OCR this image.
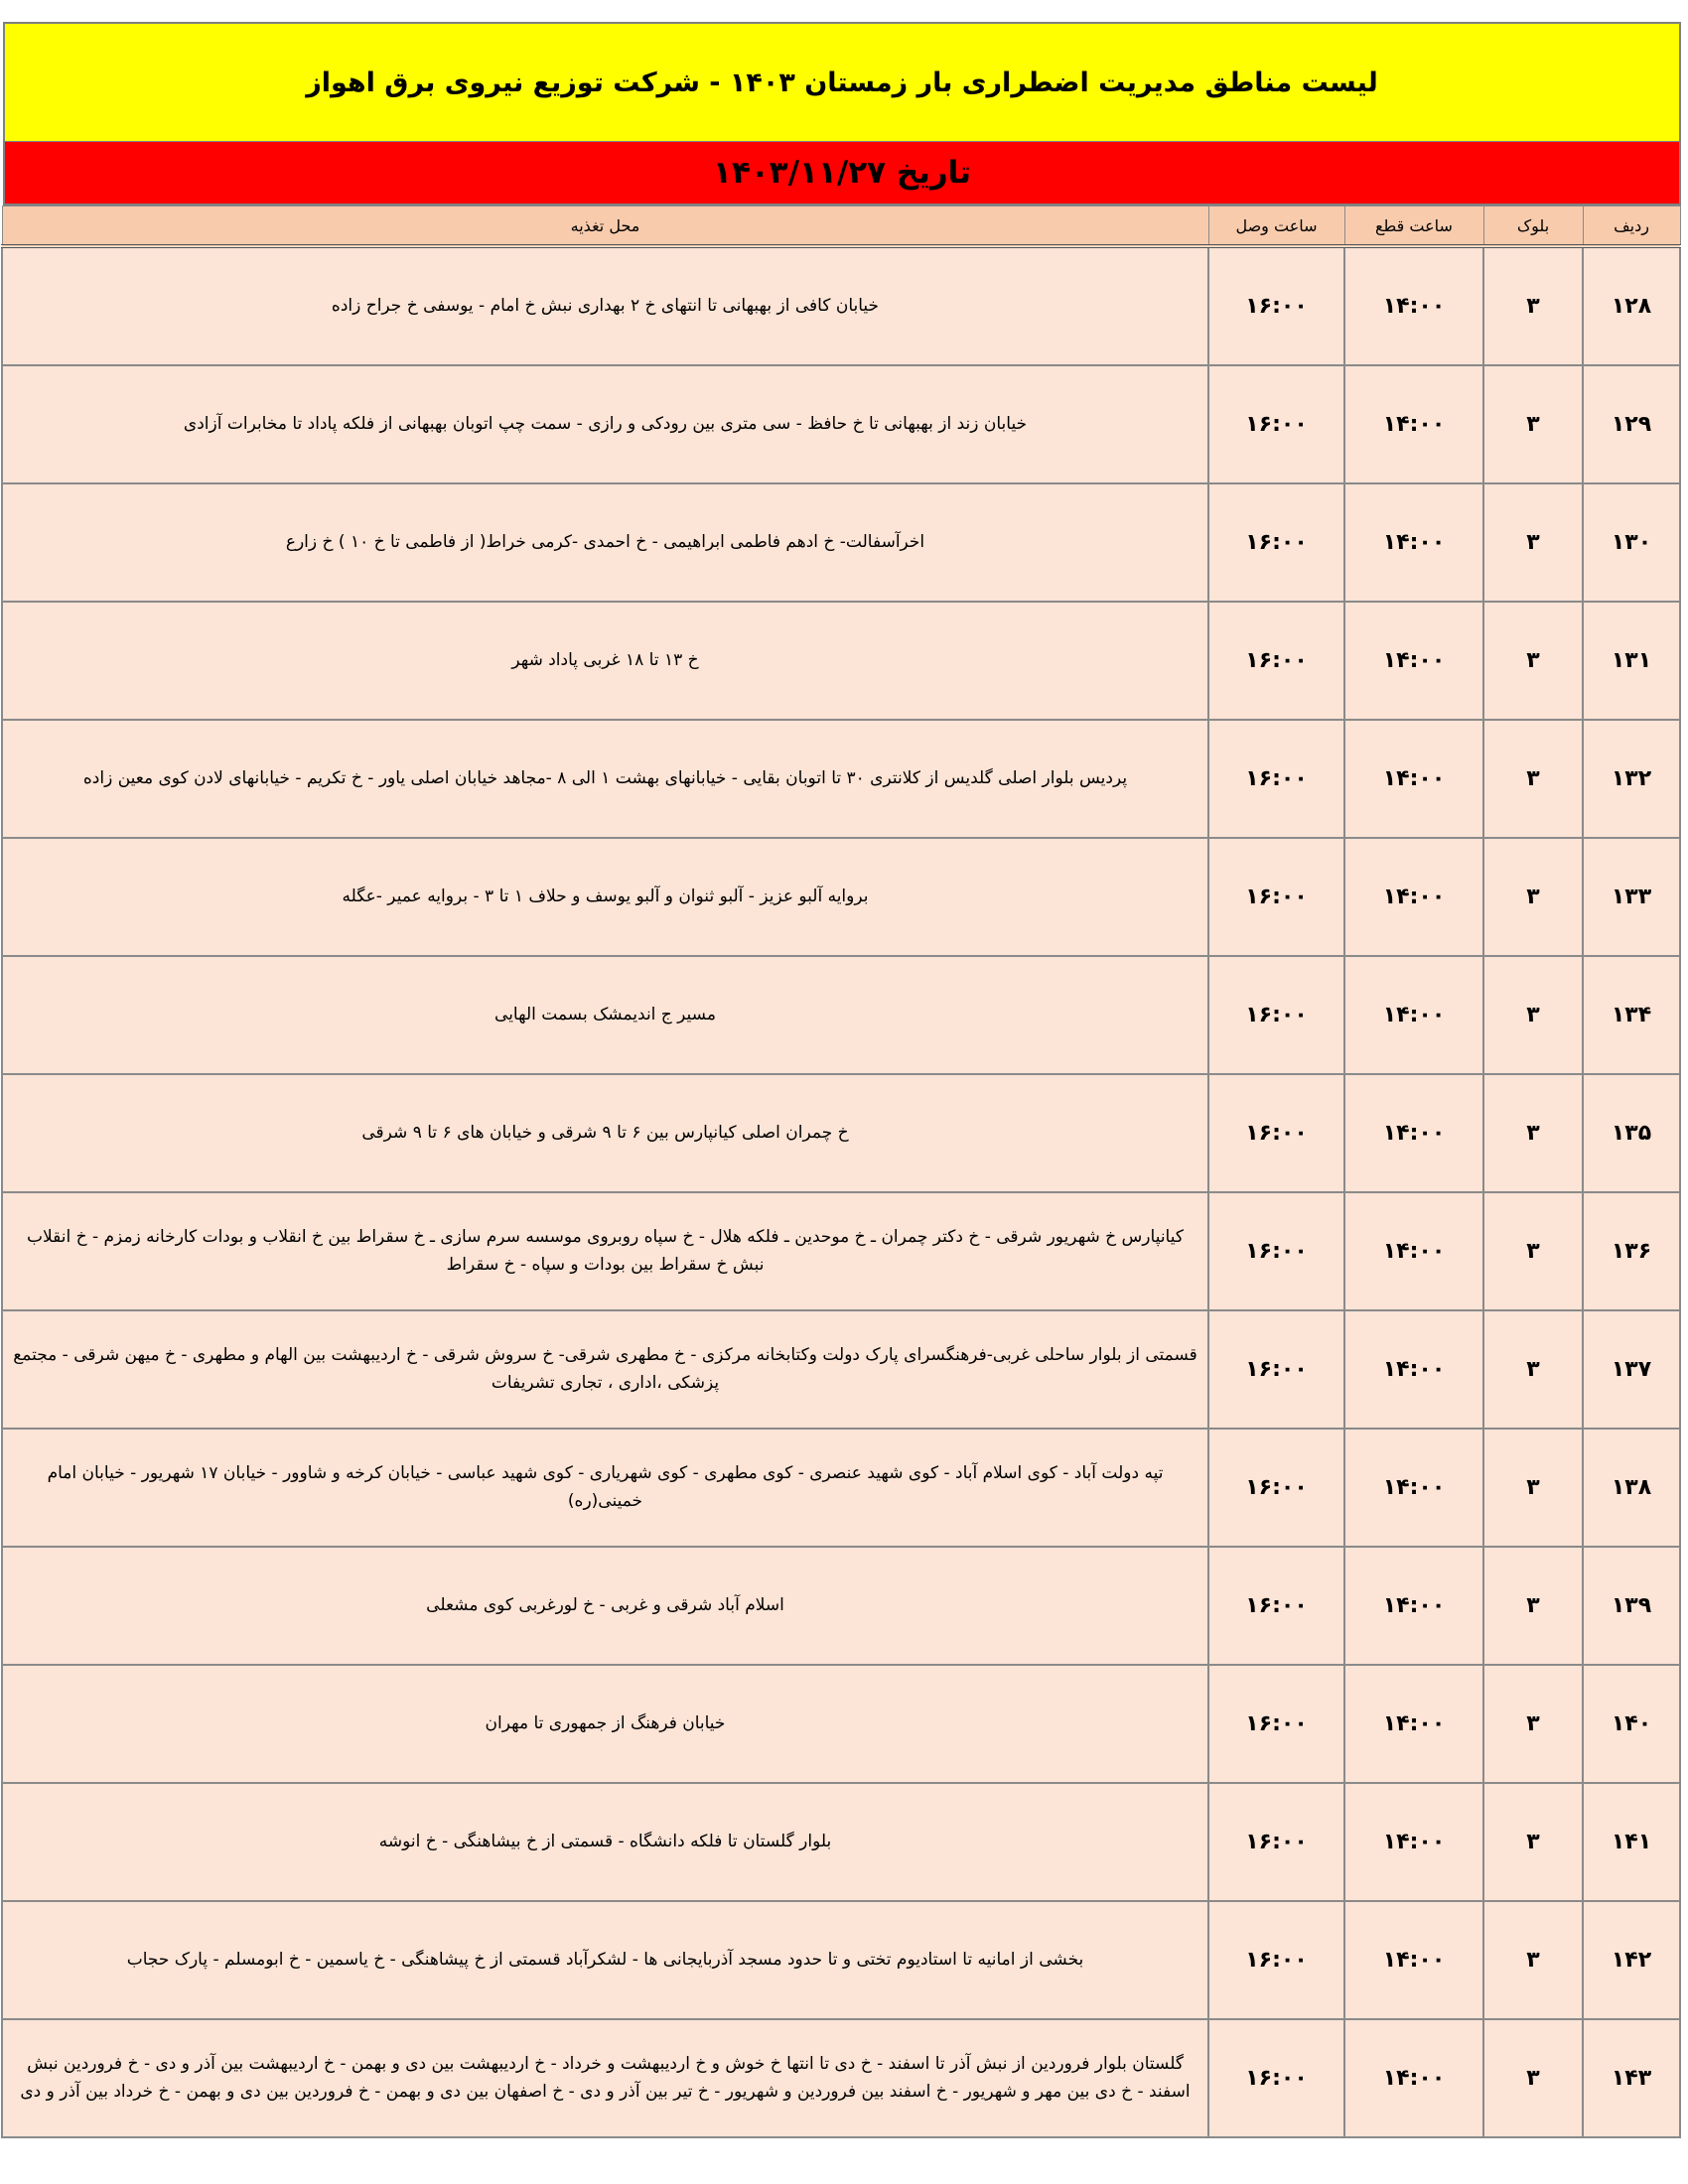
لیست مناطق مدیریت اضطراری بار زمستان ۱۴۰۳ - شرکت توزیع نیروی برق اهواز
تاریخ ۱۴۰۳/۱۱/۲۷
ردیف	بلوک	ساعت قطع	ساعت وصل	محل تغذیه
۱۲۸	۳	۱۴:۰۰	۱۶:۰۰	خیابان کافی از بهبهانی تا انتهای خ ۲ بهداری نبش خ امام - یوسفی خ جراح زاده
۱۲۹	۳	۱۴:۰۰	۱۶:۰۰	خیابان زند از بهبهانی تا خ حافظ - سی متری بین رودکی و رازی - سمت چپ اتوبان بهبهانی از فلکه پاداد تا مخابرات آزادی
۱۳۰	۳	۱۴:۰۰	۱۶:۰۰	اخرآسفالت- خ ادهم فاطمی ابراهیمی - خ احمدی -کرمی خراط( از فاطمی تا خ ۱۰ ) خ زارع
۱۳۱	۳	۱۴:۰۰	۱۶:۰۰	خ ۱۳ تا ۱۸ غربی پاداد شهر
۱۳۲	۳	۱۴:۰۰	۱۶:۰۰	پردیس بلوار اصلی گلدیس از کلانتری ۳۰ تا اتوبان بقایی - خیابانهای بهشت ۱ الی ۸ -مجاهد خیابان اصلی یاور - خ تکریم - خیابانهای لادن کوی معین زاده
۱۳۳	۳	۱۴:۰۰	۱۶:۰۰	بروایه آلبو عزیز - آلبو ثنوان و آلبو یوسف و حلاف ۱ تا ۳ - بروایه عمیر -عگله
۱۳۴	۳	۱۴:۰۰	۱۶:۰۰	مسیر ج اندیمشک بسمت الهایی
۱۳۵	۳	۱۴:۰۰	۱۶:۰۰	خ چمران اصلی کیانپارس بین ۶ تا ۹ شرقی و خیابان های ۶ تا ۹ شرقی
۱۳۶	۳	۱۴:۰۰	۱۶:۰۰	کیانپارس خ شهریور شرقی - خ دکتر چمران ـ خ موحدین ـ فلکه هلال - خ سپاه روبروی موسسه سرم سازی ـ خ سقراط بین خ انقلاب و بودات کارخانه زمزم - خ انقلاب نبش خ سقراط بین بودات و سپاه - خ سقراط
۱۳۷	۳	۱۴:۰۰	۱۶:۰۰	قسمتی از بلوار ساحلی غربی-فرهنگسرای پارک دولت وکتابخانه مرکزی - خ مطهری شرقی- خ سروش شرقی - خ اردیبهشت بین الهام و مطهری - خ میهن شرقی - مجتمع پزشکی ،اداری ، تجاری تشریفات
۱۳۸	۳	۱۴:۰۰	۱۶:۰۰	تپه دولت آباد - کوی اسلام آباد - کوی شهید عنصری - کوی مطهری - کوی شهریاری - کوی شهید عباسی - خیابان کرخه و شاوور - خیابان ۱۷ شهریور - خیابان امام خمینی(ره)
۱۳۹	۳	۱۴:۰۰	۱۶:۰۰	اسلام آباد شرقی و غربی - خ لورغربی کوی مشعلی
۱۴۰	۳	۱۴:۰۰	۱۶:۰۰	خیابان فرهنگ از جمهوری تا مهران
۱۴۱	۳	۱۴:۰۰	۱۶:۰۰	بلوار گلستان تا فلکه دانشگاه - قسمتی از خ بیشاهنگی - خ انوشه
۱۴۲	۳	۱۴:۰۰	۱۶:۰۰	بخشی از امانیه تا استادیوم تختی و تا حدود مسجد آذربایجانی ها - لشکرآباد قسمتی از خ پیشاهنگی - خ یاسمین - خ ابومسلم - پارک حجاب
۱۴۳	۳	۱۴:۰۰	۱۶:۰۰	گلستان بلوار فروردین از نبش آذر تا اسفند - خ دی تا انتها خ خوش و خ اردیبهشت و خرداد - خ اردیبهشت بین دی و بهمن - خ اردیبهشت بین آذر و دی - خ فروردین نبش اسفند - خ دی بین مهر و شهریور - خ اسفند بین فروردین و شهریور - خ تیر بین آذر و دی - خ اصفهان بین دی و بهمن - خ فروردین بین دی و بهمن - خ خرداد بین آذر و دی
